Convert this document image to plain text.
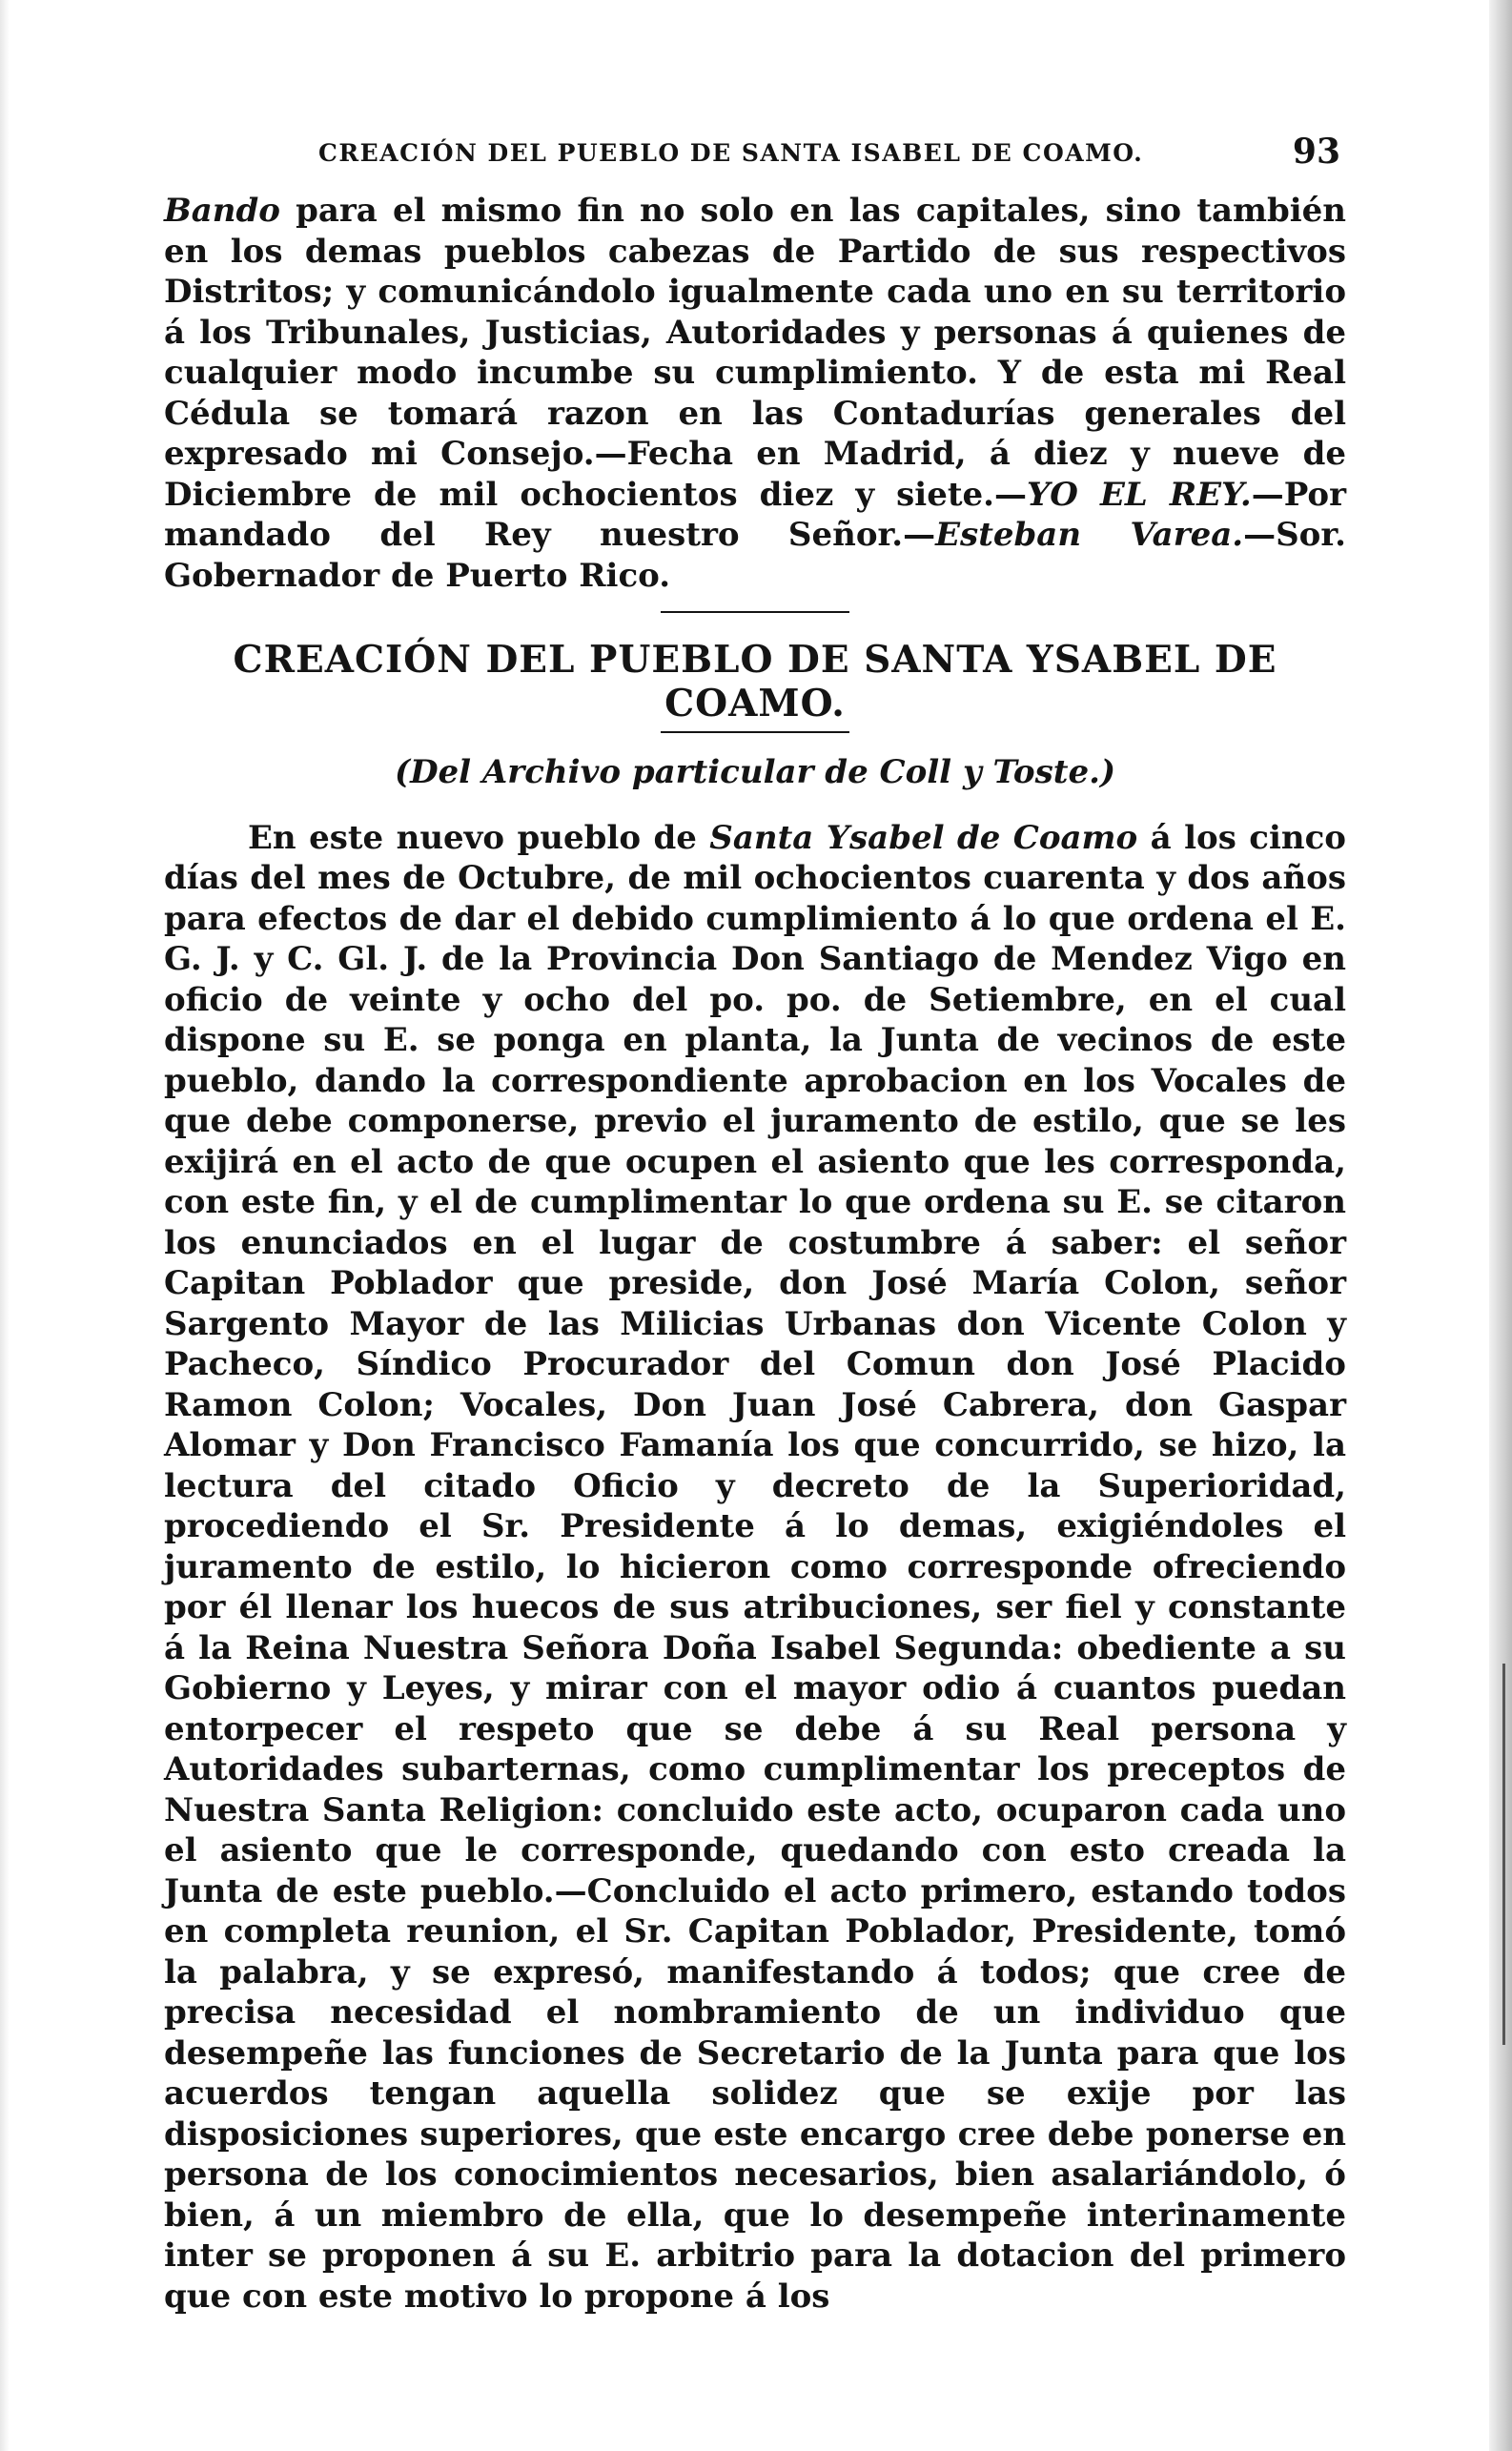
CREACIÓN DEL PUEBLO DE SANTA ISABEL DE COAMO.	93

Bando para el mismo fin no solo en las capitales, sino también en los demas pueblos cabezas de Partido de sus respectivos Distritos; y comunicándolo igualmente cada uno en su territorio á los Tribunales, Justicias, Autoridades y personas á quienes de cualquier modo incumbe su cumplimiento. Y de esta mi Real Cédula se tomará razon en las Contadurías generales del expresado mi Consejo.—Fecha en Madrid, á diez y nueve de Diciembre de mil ochocientos diez y siete.—YO EL REY.—Por mandado del Rey nuestro Señor.—Esteban Varea.—Sor. Gobernador de Puerto Rico.

CREACIÓN DEL PUEBLO DE SANTA YSABEL DE COAMO.
(Del Archivo particular de Coll y Toste.)

En este nuevo pueblo de Santa Ysabel de Coamo á los cinco días del mes de Octubre, de mil ochocientos cuarenta y dos años para efectos de dar el debido cumplimiento á lo que ordena el E. G. J. y C. Gl. J. de la Provincia Don Santiago de Mendez Vigo en oficio de veinte y ocho del po. po. de Setiembre, en el cual dispone su E. se ponga en planta, la Junta de vecinos de este pueblo, dando la correspondiente aprobacion en los Vocales de que debe componerse, previo el juramento de estilo, que se les exijirá en el acto de que ocupen el asiento que les corresponda, con este fin, y el de cumplimentar lo que ordena su E. se citaron los enunciados en el lugar de costumbre á saber: el señor Capitan Poblador que preside, don José María Colon, señor Sargento Mayor de las Milicias Urbanas don Vicente Colon y Pacheco, Síndico Procurador del Comun don José Placido Ramon Colon; Vocales, Don Juan José Cabrera, don Gaspar Alomar y Don Francisco Famanía los que concurrido, se hizo, la lectura del citado Oficio y decreto de la Superioridad, procediendo el Sr. Presidente á lo demas, exigiéndoles el juramento de estilo, lo hicieron como corresponde ofreciendo por él llenar los huecos de sus atribuciones, ser fiel y constante á la Reina Nuestra Señora Doña Isabel Segunda: obediente a su Gobierno y Leyes, y mirar con el mayor odio á cuantos puedan entorpecer el respeto que se debe á su Real persona y Autoridades subarternas, como cumplimentar los preceptos de Nuestra Santa Religion: concluido este acto, ocuparon cada uno el asiento que le corresponde, quedando con esto creada la Junta de este pueblo.—Concluido el acto primero, estando todos en completa reunion, el Sr. Capitan Poblador, Presidente, tomó la palabra, y se expresó, manifestando á todos; que cree de precisa necesidad el nombramiento de un individuo que desempeñe las funciones de Secretario de la Junta para que los acuerdos tengan aquella solidez que se exije por las disposiciones superiores, que este encargo cree debe ponerse en persona de los conocimientos necesarios, bien asalariándolo, ó bien, á un miembro de ella, que lo desempeñe interinamente inter se proponen á su E. arbitrio para la dotacion del primero que con este motivo lo propone á los
